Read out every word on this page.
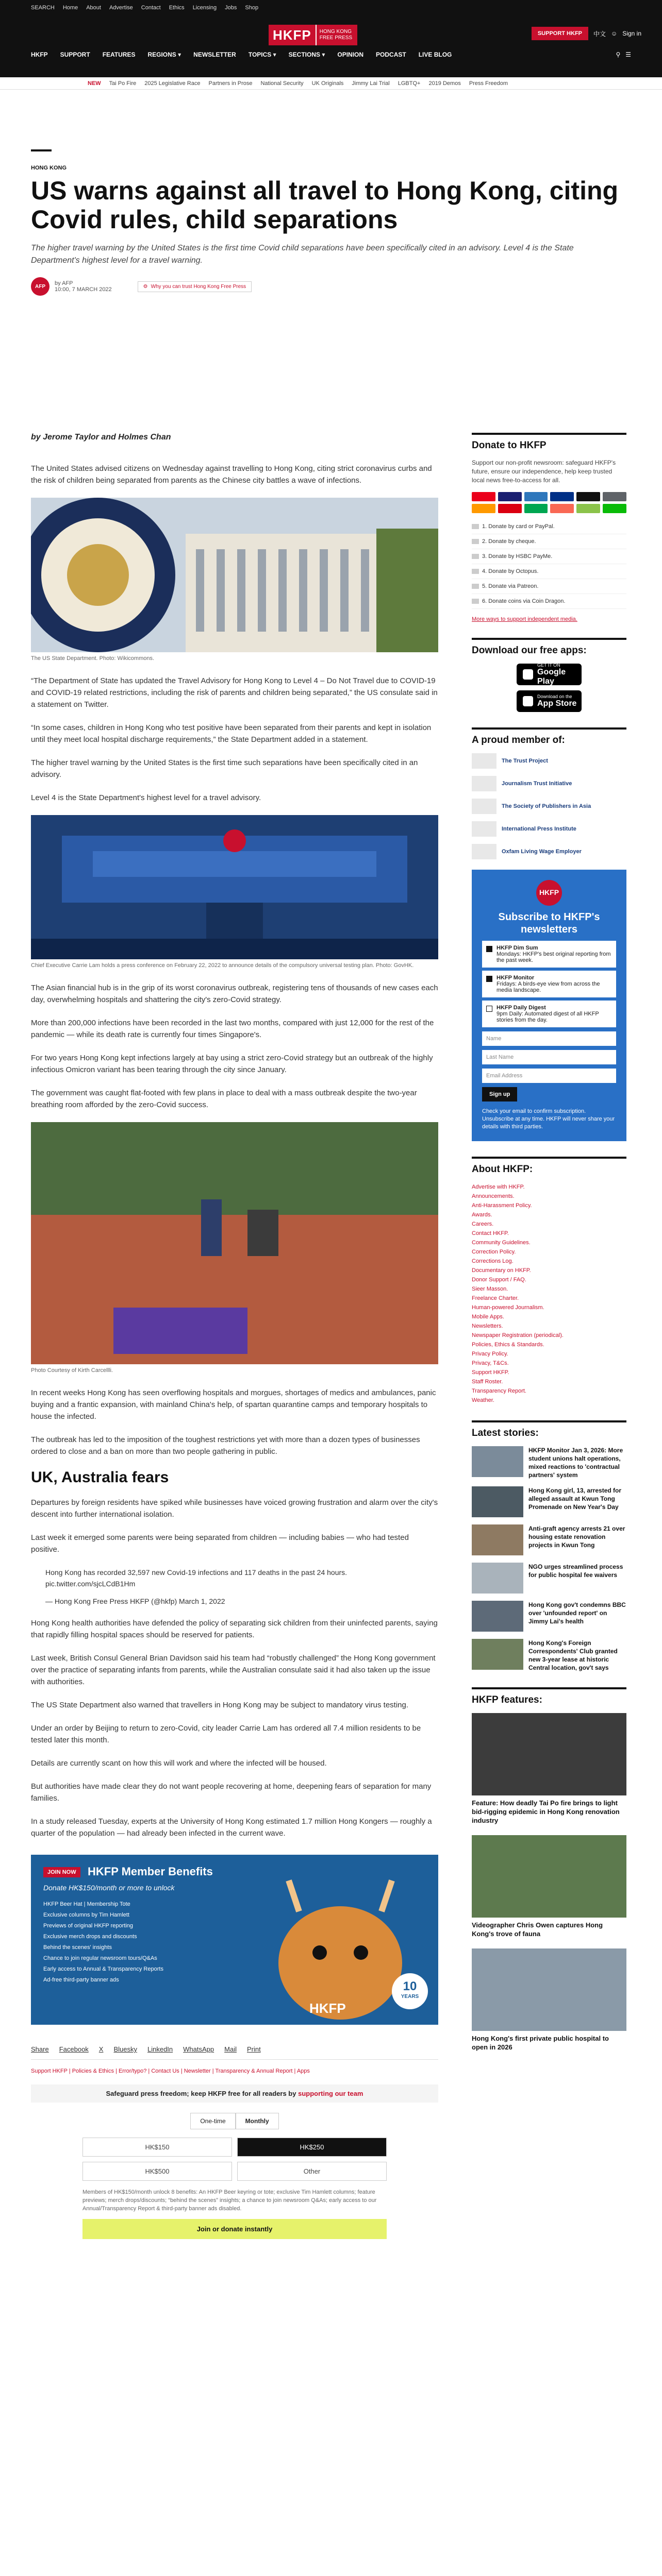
SEARCH Home About Advertise Contact Ethics Licensing Jobs Shop
HKFP	HONG KONG
FREE PRESS
SUPPORT HKFP	中文 ☺ Sign in
HKFP SUPPORT FEATURES REGIONS ▾ NEWSLETTER TOPICS ▾ SECTIONS ▾ OPINION PODCAST LIVE BLOG	⚲ ☰
NEW Tai Po Fire 2025 Legislative Race Partners in Prose National Security UK Originals Jimmy Lai Trial LGBTQ+ 2019 Demos Press Freedom
HONG KONG
US warns against all travel to Hong Kong, citing Covid rules, child separations
The higher travel warning by the United States is the first time Covid child separations have been specifically cited in an advisory. Level 4 is the State Department's highest level for a travel warning.
AFP	by AFP
10:00, 7 MARCH 2022	⚙ Why you can trust Hong Kong Free Press
by Jerome Taylor and Holmes Chan

The United States advised citizens on Wednesday against travelling to Hong Kong, citing strict coronavirus curbs and the risk of children being separated from parents as the Chinese city battles a wave of infections.

The US State Department. Photo: Wikicommons.

“The Department of State has updated the Travel Advisory for Hong Kong to Level 4 – Do Not Travel due to COVID-19 and COVID-19 related restrictions, including the risk of parents and children being separated,” the US consulate said in a statement on Twitter.

“In some cases, children in Hong Kong who test positive have been separated from their parents and kept in isolation until they meet local hospital discharge requirements,” the State Department added in a statement.

The higher travel warning by the United States is the first time such separations have been specifically cited in an advisory.

Level 4 is the State Department's highest level for a travel advisory.

Chief Executive Carrie Lam holds a press conference on February 22, 2022 to announce details of the compulsory universal testing plan. Photo: GovHK.

The Asian financial hub is in the grip of its worst coronavirus outbreak, registering tens of thousands of new cases each day, overwhelming hospitals and shattering the city's zero-Covid strategy.

More than 200,000 infections have been recorded in the last two months, compared with just 12,000 for the rest of the pandemic — while its death rate is currently four times Singapore's.

For two years Hong Kong kept infections largely at bay using a strict zero-Covid strategy but an outbreak of the highly infectious Omicron variant has been tearing through the city since January.

The government was caught flat-footed with few plans in place to deal with a mass outbreak despite the two-year breathing room afforded by the zero-Covid success.

Photo Courtesy of Kirth Carcellli.

In recent weeks Hong Kong has seen overflowing hospitals and morgues, shortages of medics and ambulances, panic buying and a frantic expansion, with mainland China's help, of spartan quarantine camps and temporary hospitals to house the infected.

The outbreak has led to the imposition of the toughest restrictions yet with more than a dozen types of businesses ordered to close and a ban on more than two people gathering in public.

UK, Australia fears

Departures by foreign residents have spiked while businesses have voiced growing frustration and alarm over the city's descent into further international isolation.

Last week it emerged some parents were being separated from children — including babies — who had tested positive.

Hong Kong has recorded 32,597 new Covid-19 infections and 117 deaths in the past 24 hours. pic.twitter.com/sjcLCdB1Hm
— Hong Kong Free Press HKFP (@hkfp) March 1, 2022

Hong Kong health authorities have defended the policy of separating sick children from their uninfected parents, saying that rapidly filling hospital spaces should be reserved for patients.

Last week, British Consul General Brian Davidson said his team had “robustly challenged” the Hong Kong government over the practice of separating infants from parents, while the Australian consulate said it had also taken up the issue with authorities.

The US State Department also warned that travellers in Hong Kong may be subject to mandatory virus testing.

Under an order by Beijing to return to zero-Covid, city leader Carrie Lam has ordered all 7.4 million residents to be tested later this month.

Details are currently scant on how this will work and where the infected will be housed.

But authorities have made clear they do not want people recovering at home, deepening fears of separation for many families.

In a study released Tuesday, experts at the University of Hong Kong estimated 1.7 million Hong Kongers — roughly a quarter of the population — had already been infected in the current wave.

JOIN NOW	HKFP Member Benefits
Donate HK$150/month or more to unlock
HKFP Beer Hat | Membership Tote
Exclusive columns by Tim Hamlett
Previews of original HKFP reporting
Exclusive merch drops and discounts
Behind the scenes' insights
Chance to join regular newsroom tours/Q&As
Early access to Annual & Transparency Reports
Ad-free third-party banner ads	10
YEARS
HKFP
Share Facebook X Bluesky LinkedIn WhatsApp Mail Print
Support HKFP | Policies & Ethics | Error/typo? | Contact Us | Newsletter | Transparency & Annual Report | Apps
Safeguard press freedom; keep HKFP free for all readers by supporting our team
One-time	Monthly
HK$150	HK$250
HK$500	Other
Members of HK$150/month unlock 8 benefits: An HKFP Beer keyring or tote; exclusive Tim Hamlett columns; feature previews; merch drops/discounts; “behind the scenes” insights; a chance to join newsroom Q&As; early access to our Annual/Transparency Report & third-party banner ads disabled.
Join or donate instantly
Donate to HKFP

Support our non-profit newsroom: safeguard HKFP's future, ensure our independence, help keep trusted local news free-to-access for all.

1. Donate by card or PayPal.
2. Donate by cheque.
3. Donate by HSBC PayMe.
4. Donate by Octopus.
5. Donate via Patreon.
6. Donate coins via Coin Dragon.
More ways to support independent media.
Download our free apps:
GET IT ON
Google Play
Download on the
App Store
A proud member of:
The Trust Project
Journalism Trust Initiative
The Society of Publishers in Asia
International Press Institute
Oxfam Living Wage Employer
HKFP
Subscribe to HKFP's newsletters
HKFP Dim Sum
Mondays: HKFP's best original reporting from the past week.
HKFP Monitor
Fridays: A birds-eye view from across the media landscape.
HKFP Daily Digest
9pm Daily: Automated digest of all HKFP stories from the day.
Name
Last Name
Email Address
Sign up
Check your email to confirm subscription. Unsubscribe at any time. HKFP will never share your details with third parties.
About HKFP:
Advertise with HKFP.
Announcements.
Anti-Harassment Policy.
Awards.
Careers.
Contact HKFP.
Community Guidelines.
Correction Policy.
Corrections Log.
Documentary on HKFP.
Donor Support / FAQ.
Sieer Masson.
Freelance Charter.
Human-powered Journalism.
Mobile Apps.
Newsletters.
Newspaper Registration (periodical).
Policies, Ethics & Standards.
Privacy Policy.
Privacy, T&Cs.
Support HKFP.
Staff Roster.
Transparency Report.
Weather.
Latest stories:
HKFP Monitor Jan 3, 2026: More student unions halt operations, mixed reactions to 'contractual partners' system
Hong Kong girl, 13, arrested for alleged assault at Kwun Tong Promenade on New Year's Day
Anti-graft agency arrests 21 over housing estate renovation projects in Kwun Tong
NGO urges streamlined process for public hospital fee waivers
Hong Kong gov't condemns BBC over 'unfounded report' on Jimmy Lai's health
Hong Kong's Foreign Correspondents' Club granted new 3-year lease at historic Central location, gov't says
HKFP features:
Feature: How deadly Tai Po fire brings to light bid-rigging epidemic in Hong Kong renovation industry
Videographer Chris Owen captures Hong Kong's trove of fauna
Hong Kong's first private public hospital to open in 2026
